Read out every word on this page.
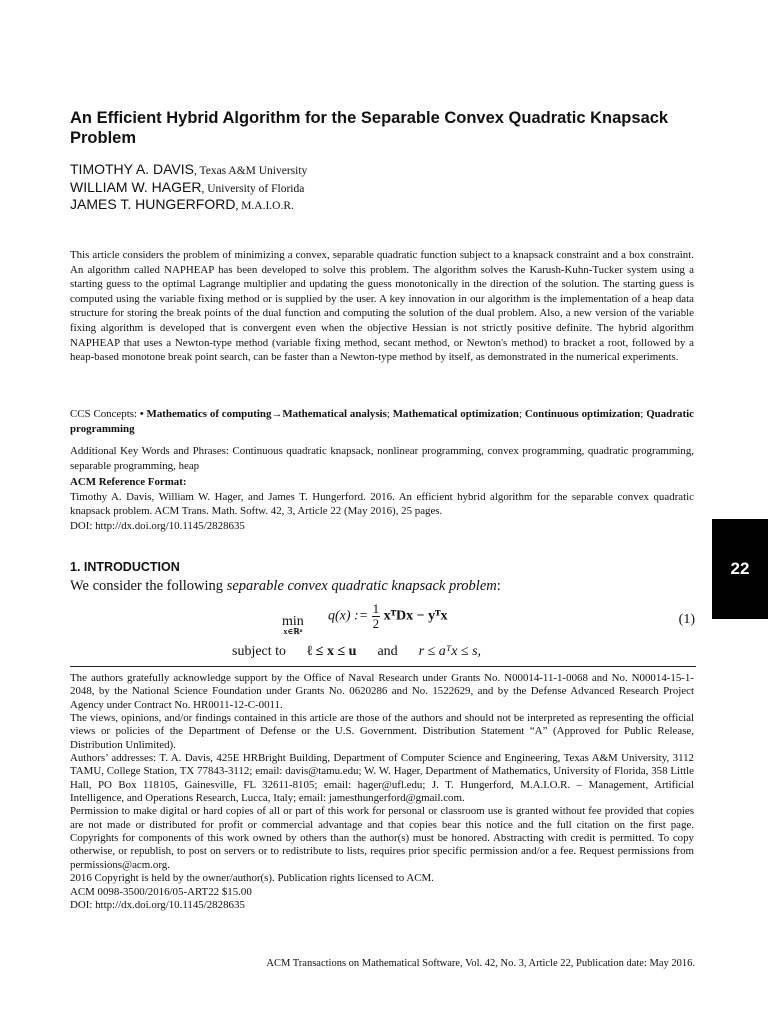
An Efficient Hybrid Algorithm for the Separable Convex Quadratic Knapsack Problem
TIMOTHY A. DAVIS, Texas A&M University
WILLIAM W. HAGER, University of Florida
JAMES T. HUNGERFORD, M.A.I.O.R.

This article considers the problem of minimizing a convex, separable quadratic function subject to a knapsack constraint and a box constraint. An algorithm called NAPHEAP has been developed to solve this problem. The algorithm solves the Karush-Kuhn-Tucker system using a starting guess to the optimal Lagrange multiplier and updating the guess monotonically in the direction of the solution. The starting guess is computed using the variable fixing method or is supplied by the user. A key innovation in our algorithm is the implementation of a heap data structure for storing the break points of the dual function and computing the solution of the dual problem. Also, a new version of the variable fixing algorithm is developed that is convergent even when the objective Hessian is not strictly positive definite. The hybrid algorithm NAPHEAP that uses a Newton-type method (variable fixing method, secant method, or Newton's method) to bracket a root, followed by a heap-based monotone break point search, can be faster than a Newton-type method by itself, as demonstrated in the numerical experiments.

CCS Concepts: • Mathematics of computing→Mathematical analysis; Mathematical optimization; Continuous optimization; Quadratic programming

Additional Key Words and Phrases: Continuous quadratic knapsack, nonlinear programming, convex programming, quadratic programming, separable programming, heap

ACM Reference Format:
Timothy A. Davis, William W. Hager, and James T. Hungerford. 2016. An efficient hybrid algorithm for the separable convex quadratic knapsack problem. ACM Trans. Math. Softw. 42, 3, Article 22 (May 2016), 25 pages.
DOI: http://dx.doi.org/10.1145/2828635

1. INTRODUCTION

We consider the following separable convex quadratic knapsack problem:

min
x∈ℝⁿ
q(x) := $\frac{1}{2}$ xᵀDx − yᵀx	(1)
subject to ℓ ≤ x ≤ u and r ≤ aᵀx ≤ s,

The authors gratefully acknowledge support by the Office of Naval Research under Grants No. N00014-11-1-0068 and No. N00014-15-1-2048, by the National Science Foundation under Grants No. 0620286 and No. 1522629, and by the Defense Advanced Research Project Agency under Contract No. HR0011-12-C-0011.

The views, opinions, and/or findings contained in this article are those of the authors and should not be interpreted as representing the official views or policies of the Department of Defense or the U.S. Government. Distribution Statement “A” (Approved for Public Release, Distribution Unlimited).

Authors’ addresses: T. A. Davis, 425E HRBright Building, Department of Computer Science and Engineering, Texas A&M University, 3112 TAMU, College Station, TX 77843-3112; email: davis@tamu.edu; W. W. Hager, Department of Mathematics, University of Florida, 358 Little Hall, PO Box 118105, Gainesville, FL 32611-8105; email: hager@ufl.edu; J. T. Hungerford, M.A.I.O.R. – Management, Artificial Intelligence, and Operations Research, Lucca, Italy; email: jamesthungerford@gmail.com.

Permission to make digital or hard copies of all or part of this work for personal or classroom use is granted without fee provided that copies are not made or distributed for profit or commercial advantage and that copies bear this notice and the full citation on the first page. Copyrights for components of this work owned by others than the author(s) must be honored. Abstracting with credit is permitted. To copy otherwise, or republish, to post on servers or to redistribute to lists, requires prior specific permission and/or a fee. Request permissions from permissions@acm.org.

2016 Copyright is held by the owner/author(s). Publication rights licensed to ACM.

ACM 0098-3500/2016/05-ART22 $15.00

DOI: http://dx.doi.org/10.1145/2828635

ACM Transactions on Mathematical Software, Vol. 42, No. 3, Article 22, Publication date: May 2016.
22
